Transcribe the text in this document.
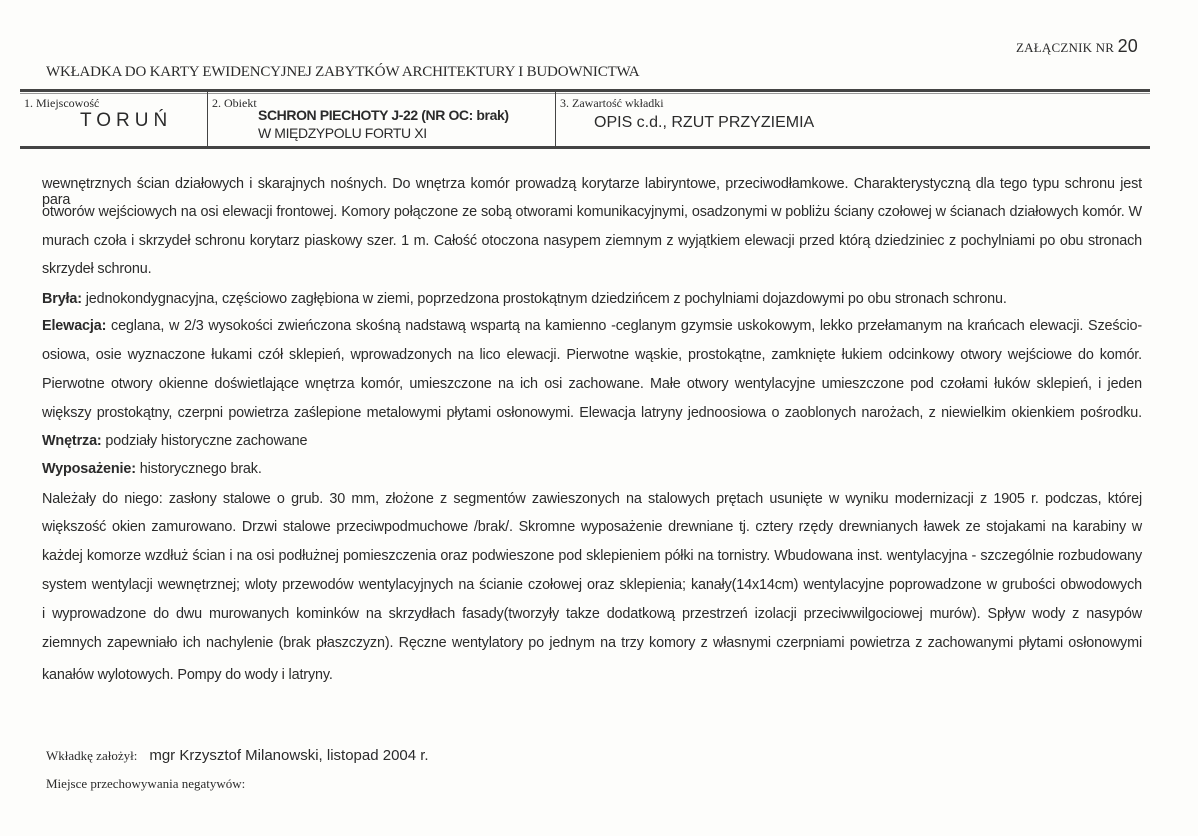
ZAŁĄCZNIK NR 20
WKŁADKA DO KARTY EWIDENCYJNEJ ZABYTKÓW ARCHITEKTURY I BUDOWNICTWA
1. Miejscowość
TORUŃ
2. Obiekt
SCHRON PIECHOTY J-22 (NR OC: brak)
W MIĘDZYPOLU FORTU XI
3. Zawartość wkładki
OPIS c.d., RZUT PRZYZIEMIA
wewnętrznych ścian działowych i skarajnych nośnych. Do wnętrza komór prowadzą korytarze labiryntowe, przeciwodłamkowe. Charakterystyczną dla tego typu schronu jest para
otworów wejściowych na osi elewacji frontowej. Komory połączone ze sobą otworami komunikacyjnymi, osadzonymi w pobliżu ściany czołowej w ścianach działowych komór. W
murach czoła i skrzydeł schronu korytarz piaskowy szer. 1 m. Całość otoczona nasypem ziemnym z wyjątkiem elewacji przed którą dziedziniec z pochylniami po obu stronach
skrzydeł schronu.
Bryła: jednokondygnacyjna, częściowo zagłębiona w ziemi, poprzedzona prostokątnym dziedzińcem z pochylniami dojazdowymi po obu stronach schronu.
Elewacja: ceglana, w 2/3 wysokości zwieńczona skośną nadstawą wspartą na kamienno -ceglanym gzymsie uskokowym, lekko przełamanym na krańcach elewacji. Sześcio-
osiowa, osie wyznaczone łukami czół sklepień, wprowadzonych na lico elewacji. Pierwotne wąskie, prostokątne, zamknięte łukiem odcinkowy otwory wejściowe do komór.
Pierwotne otwory okienne doświetlające wnętrza komór, umieszczone na ich osi zachowane. Małe otwory wentylacyjne umieszczone pod czołami łuków sklepień, i jeden
większy prostokątny, czerpni powietrza zaślepione metalowymi płytami osłonowymi. Elewacja latryny jednoosiowa o zaoblonych narożach, z niewielkim okienkiem pośrodku.
Wnętrza: podziały historyczne zachowane
Wyposażenie: historycznego brak.
Należały do niego: zasłony stalowe o grub. 30 mm, złożone z segmentów zawieszonych na stalowych prętach usunięte w wyniku modernizacji z 1905 r. podczas, której
większość okien zamurowano. Drzwi stalowe przeciwpodmuchowe /brak/. Skromne wyposażenie drewniane tj. cztery rzędy drewnianych ławek ze stojakami na karabiny w
każdej komorze wzdłuż ścian i na osi podłużnej pomieszczenia oraz podwieszone pod sklepieniem półki na tornistry. Wbudowana inst. wentylacyjna - szczególnie rozbudowany
system wentylacji wewnętrznej; wloty przewodów wentylacyjnych na ścianie czołowej oraz sklepienia; kanały(14x14cm) wentylacyjne poprowadzone w grubości obwodowych
i wyprowadzone do dwu murowanych kominków na skrzydłach fasady(tworzyły takze dodatkową przestrzeń izolacji przeciwwilgociowej murów). Spływ wody z nasypów
ziemnych zapewniało ich nachylenie (brak płaszczyzn). Ręczne wentylatory po jednym na trzy komory z własnymi czerpniami powietrza z zachowanymi płytami osłonowymi
kanałów wylotowych. Pompy do wody i latryny.
Wkładkę założył: mgr Krzysztof Milanowski, listopad 2004 r.
Miejsce przechowywania negatywów:
